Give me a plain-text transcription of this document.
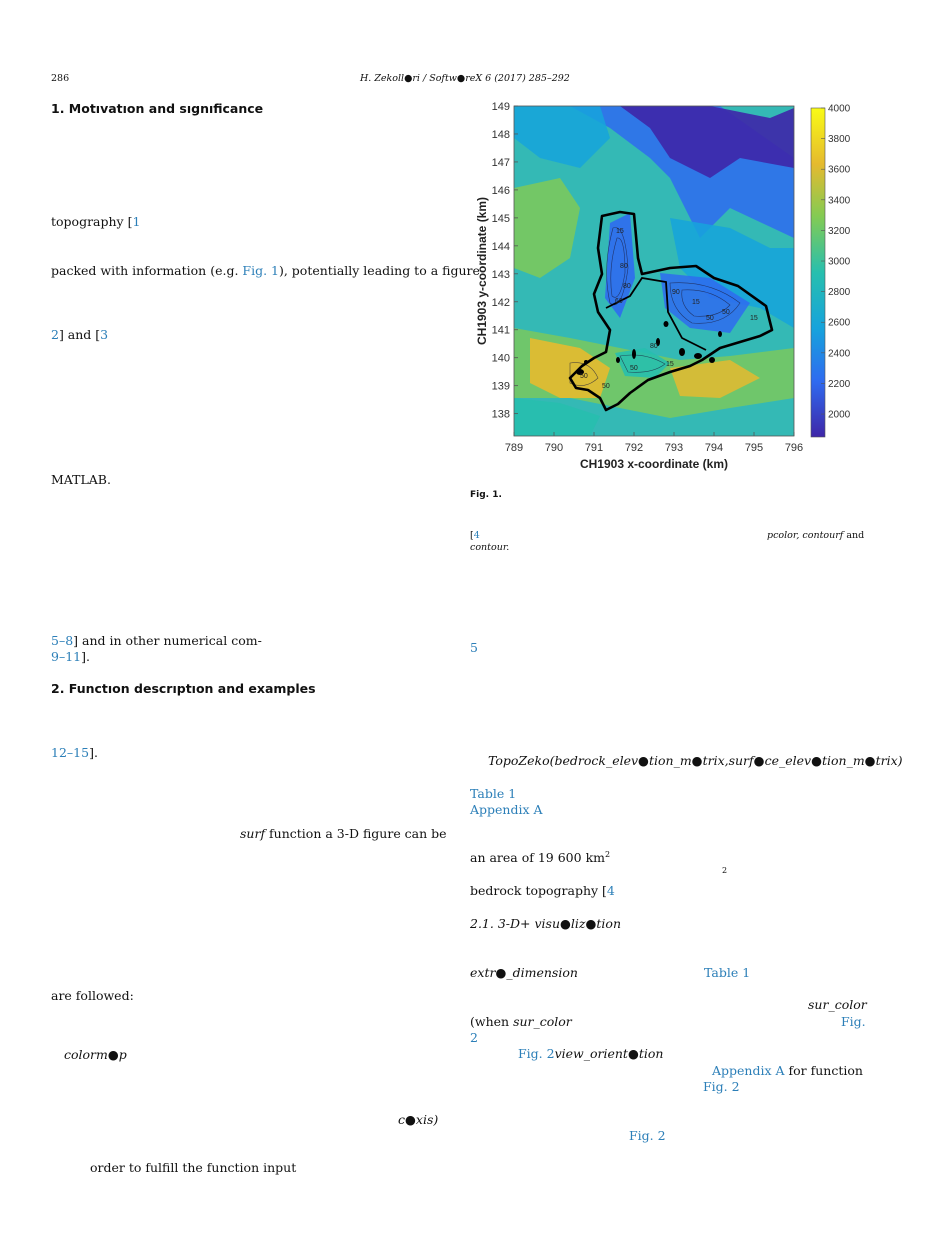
286	H. Zekoll●ri / Softw●reX 6 (2017) 285–292
1. Motıvatıon and sıgnıficance
topography [1
packed with information (e.g. Fig. 1), potentially leading to a figure
2] and [3
MATLAB.
5–8] and in other numerical com-
9–11].
2. Functıon descrıptıon and examples
12–15].
surf function a 3-D figure can be
are followed:
colorm●p
c●xis)
order to fulfill the function input
15
80
80
60
90
15
50
50
15
80
50
50
15
50
789 790 791 792 793 794 795 796
138
139
140
141
142
143
144
145
146
147
148
149
CH1903 x-coordinate (km)
CH1903 y-coordinate (km)
2000
2200
2400
2600
2800
3000
3200
3400
3600
3800
4000
Fig. 1.
[4	pcolor, contourf and
contour.
5
TopoZeko(bedrock_elev●tion_m●trix,surf●ce_elev●tion_m●trix)
Table 1
Appendix A
an area of 19 600 $km^2$
2
bedrock topography [4
2.1. 3-D+ visu●liz●tion
extr●_dimension	Table 1
sur_color
(when sur_color	Fig.
2
Fig. 2view_orient●tion
Appendix A for function
Fig. 2
Fig. 2
